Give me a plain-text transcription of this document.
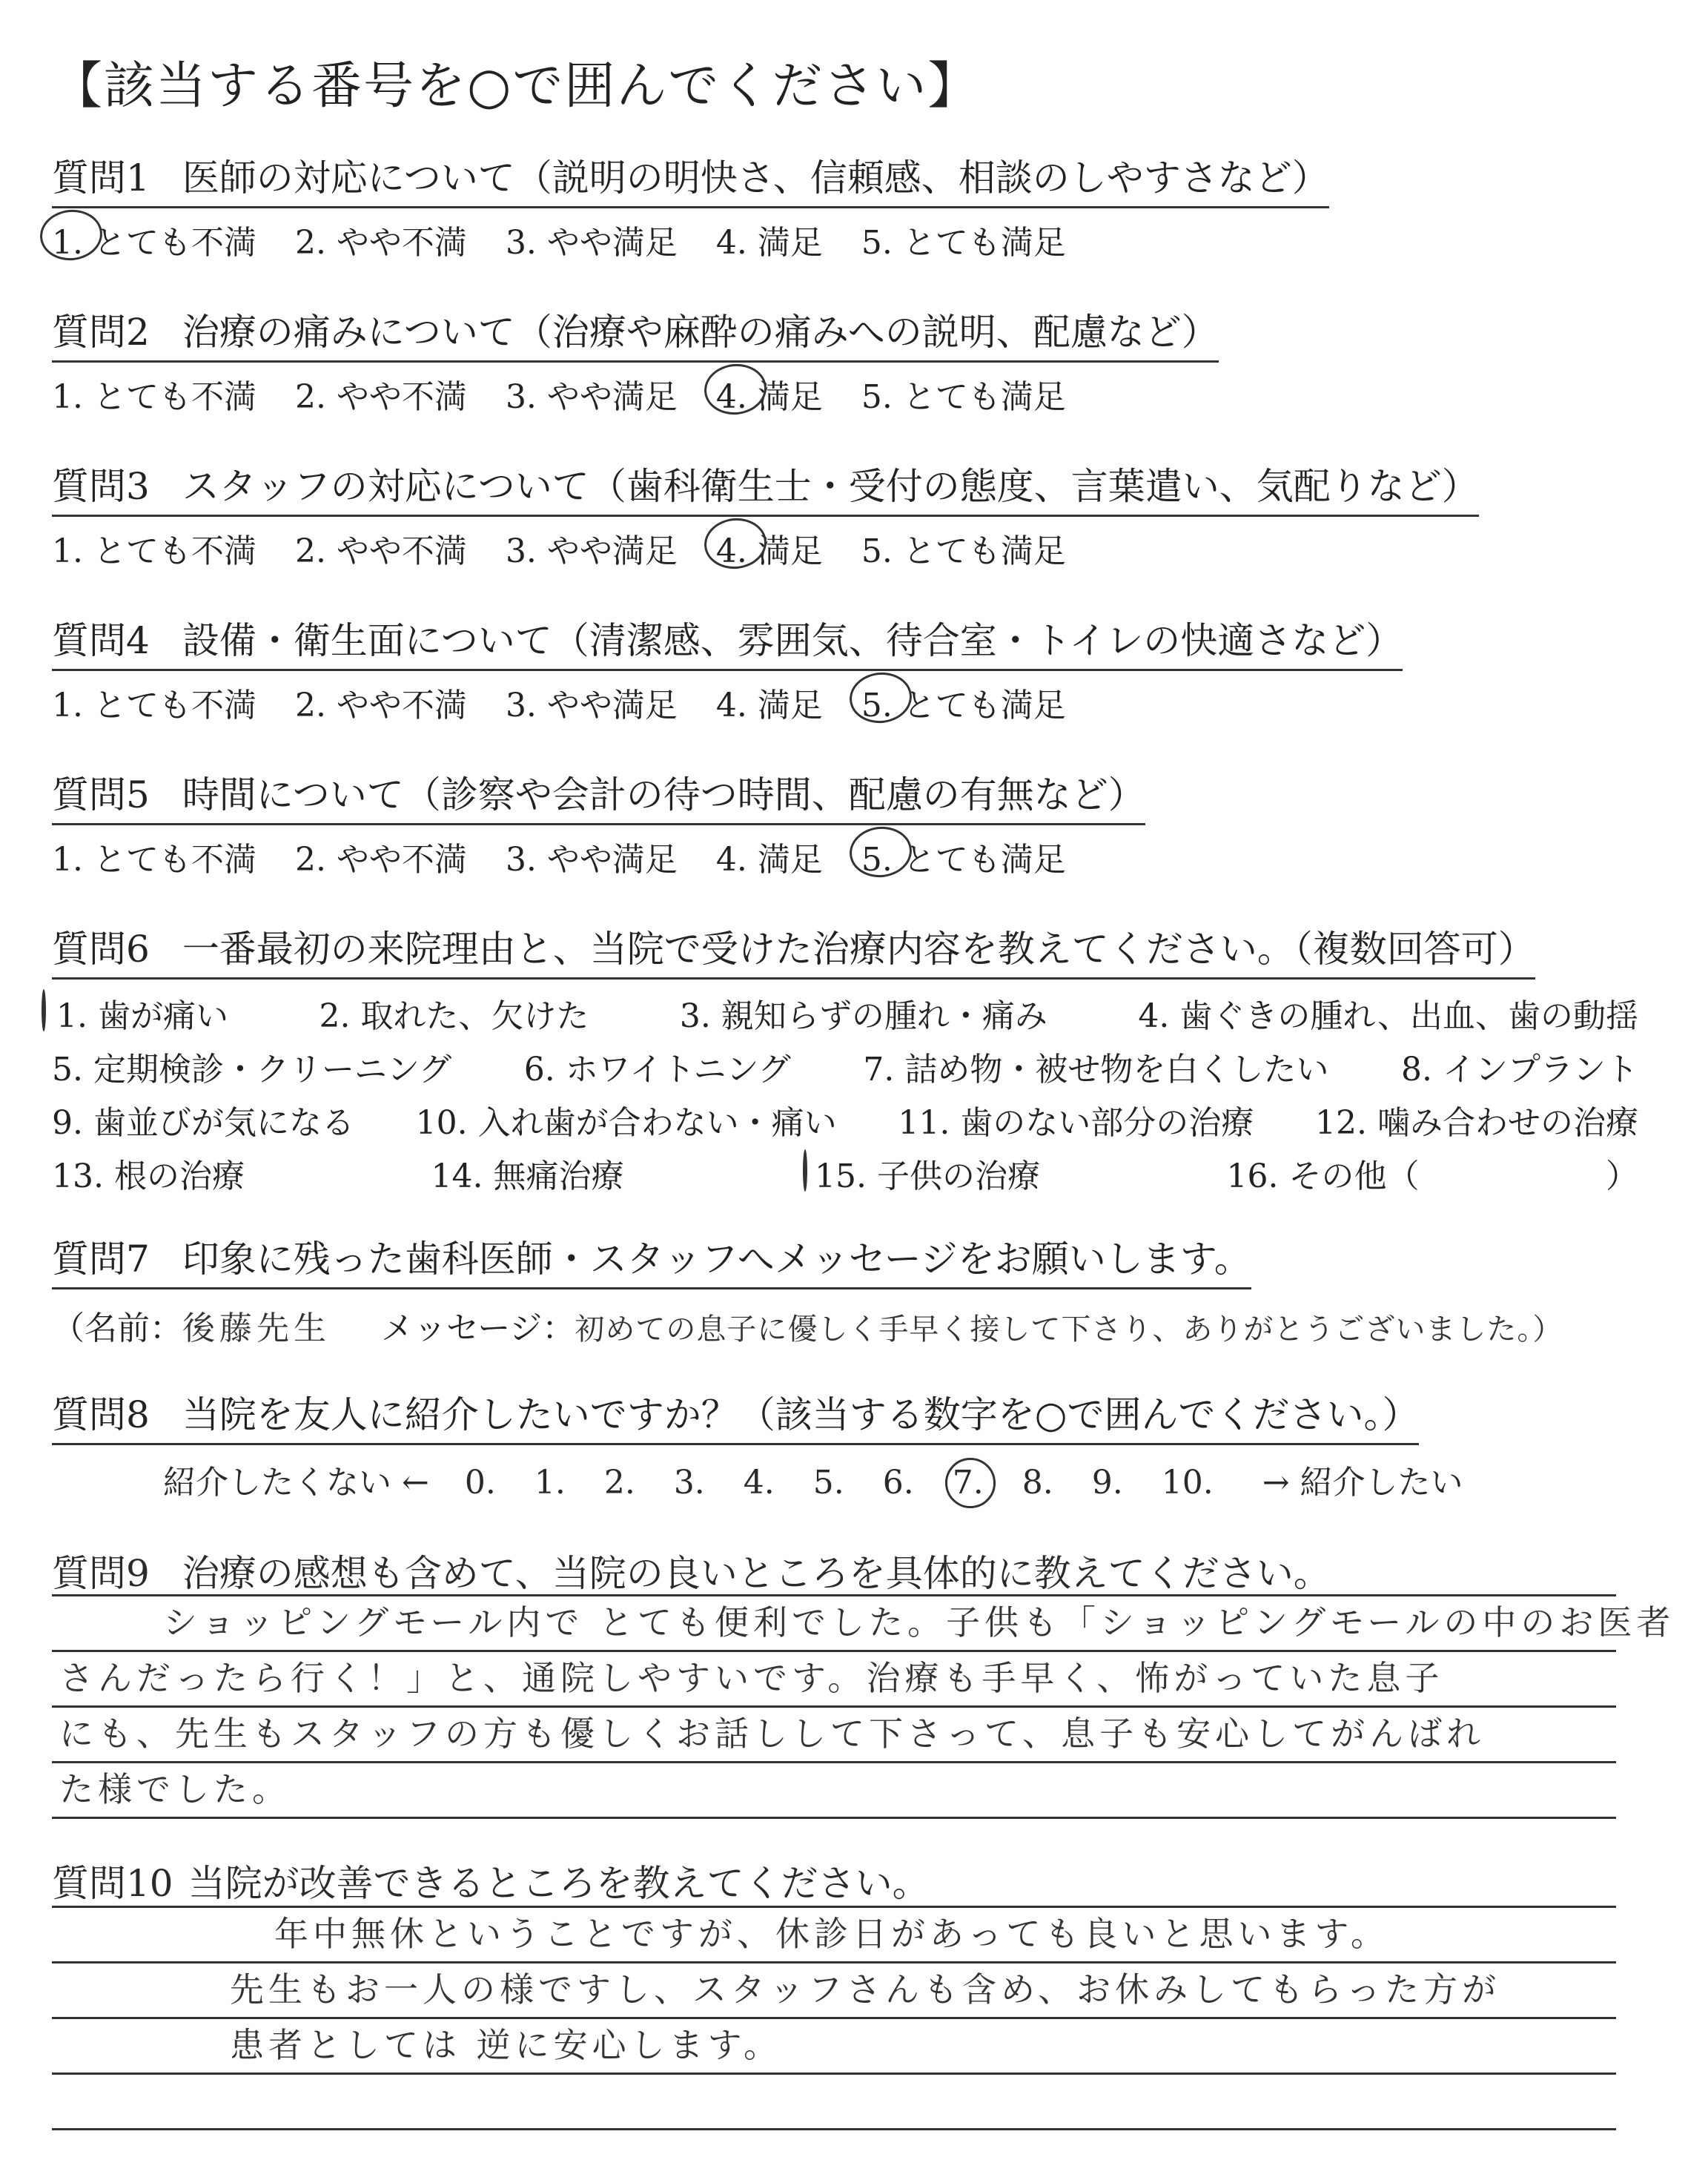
【該当する番号を○で囲んでください】
質問1 医師の対応について（説明の明快さ、信頼感、相談のしやすさなど）
1. とても不満 2. やや不満 3. やや満足 4. 満足 5. とても満足
質問2 治療の痛みについて（治療や麻酔の痛みへの説明、配慮など）
1. とても不満 2. やや不満 3. やや満足 4. 満足 5. とても満足
質問3 スタッフの対応について（歯科衛生士・受付の態度、言葉遣い、気配りなど）
1. とても不満 2. やや不満 3. やや満足 4. 満足 5. とても満足
質問4 設備・衛生面について（清潔感、雰囲気、待合室・トイレの快適さなど）
1. とても不満 2. やや不満 3. やや満足 4. 満足 5. とても満足
質問5 時間について（診察や会計の待つ時間、配慮の有無など）
1. とても不満 2. やや不満 3. やや満足 4. 満足 5. とても満足
質問6 一番最初の来院理由と、当院で受けた治療内容を教えてください。（複数回答可）
1. 歯が痛い	2. 取れた、欠けた	3. 親知らずの腫れ・痛み	4. 歯ぐきの腫れ、出血、歯の動揺
5. 定期検診・クリーニング 6. ホワイトニング 7. 詰め物・被せ物を白くしたい 8. インプラント
9. 歯並びが気になる 10. 入れ歯が合わない・痛い 11. 歯のない部分の治療 12. 噛み合わせの治療
13. 根の治療	14. 無痛治療	15. 子供の治療	16. その他（	）
質問7 印象に残った歯科医師・スタッフへメッセージをお願いします。
（名前：後藤先生 メッセージ：初めての息子に優しく手早く接して下さり、ありがとうございました。）
質問8 当院を友人に紹介したいですか？（該当する数字を○で囲んでください。）
紹介したくない ← 0. 1. 2. 3. 4. 5. 6. 7. 8. 9. 10. → 紹介したい
質問9 治療の感想も含めて、当院の良いところを具体的に教えてください。
ショッピングモール内で とても便利でした。子供も「ショッピングモールの中のお医者
さんだったら行く！」と、通院しやすいです。治療も手早く、怖がっていた息子
にも、先生もスタッフの方も優しくお話しして下さって、息子も安心してがんばれ
た様でした。
質問10 当院が改善できるところを教えてください。
年中無休ということですが、休診日があっても良いと思います。
先生もお一人の様ですし、スタッフさんも含め、お休みしてもらった方が
患者としては 逆に安心します。
